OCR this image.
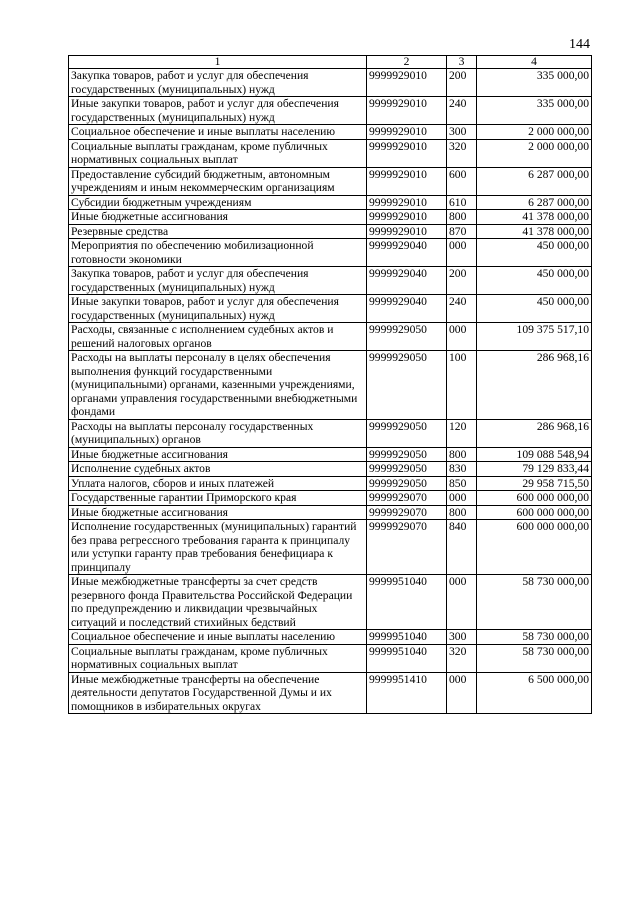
144
1	2	3	4
Закупка товаров, работ и услуг для обеспечения государственных (муниципальных) нужд	9999929010	200	335 000,00
Иные закупки товаров, работ и услуг для обеспечения государственных (муниципальных) нужд	9999929010	240	335 000,00
Социальное обеспечение и иные выплаты населению	9999929010	300	2 000 000,00
Социальные выплаты гражданам, кроме публичных нормативных социальных выплат	9999929010	320	2 000 000,00
Предоставление субсидий бюджетным, автономным учреждениям и иным некоммерческим организациям	9999929010	600	6 287 000,00
Субсидии бюджетным учреждениям	9999929010	610	6 287 000,00
Иные бюджетные ассигнования	9999929010	800	41 378 000,00
Резервные средства	9999929010	870	41 378 000,00
Мероприятия по обеспечению мобилизационной готовности экономики	9999929040	000	450 000,00
Закупка товаров, работ и услуг для обеспечения государственных (муниципальных) нужд	9999929040	200	450 000,00
Иные закупки товаров, работ и услуг для обеспечения государственных (муниципальных) нужд	9999929040	240	450 000,00
Расходы, связанные с исполнением судебных актов и решений налоговых органов	9999929050	000	109 375 517,10
Расходы на выплаты персоналу в целях обеспечения выполнения функций государственными (муниципальными) органами, казенными учреждениями, органами управления государственными внебюджетными фондами	9999929050	100	286 968,16
Расходы на выплаты персоналу государственных (муниципальных) органов	9999929050	120	286 968,16
Иные бюджетные ассигнования	9999929050	800	109 088 548,94
Исполнение судебных актов	9999929050	830	79 129 833,44
Уплата налогов, сборов и иных платежей	9999929050	850	29 958 715,50
Государственные гарантии Приморского края	9999929070	000	600 000 000,00
Иные бюджетные ассигнования	9999929070	800	600 000 000,00
Исполнение государственных (муниципальных) гарантий без права регрессного требования гаранта к принципалу или уступки гаранту прав требования бенефициара к принципалу	9999929070	840	600 000 000,00
Иные межбюджетные трансферты за счет средств резервного фонда Правительства Российской Федерации по предупреждению и ликвидации чрезвычайных ситуаций и последствий стихийных бедствий	9999951040	000	58 730 000,00
Социальное обеспечение и иные выплаты населению	9999951040	300	58 730 000,00
Социальные выплаты гражданам, кроме публичных нормативных социальных выплат	9999951040	320	58 730 000,00
Иные межбюджетные трансферты на обеспечение деятельности депутатов Государственной Думы и их помощников в избирательных округах	9999951410	000	6 500 000,00
